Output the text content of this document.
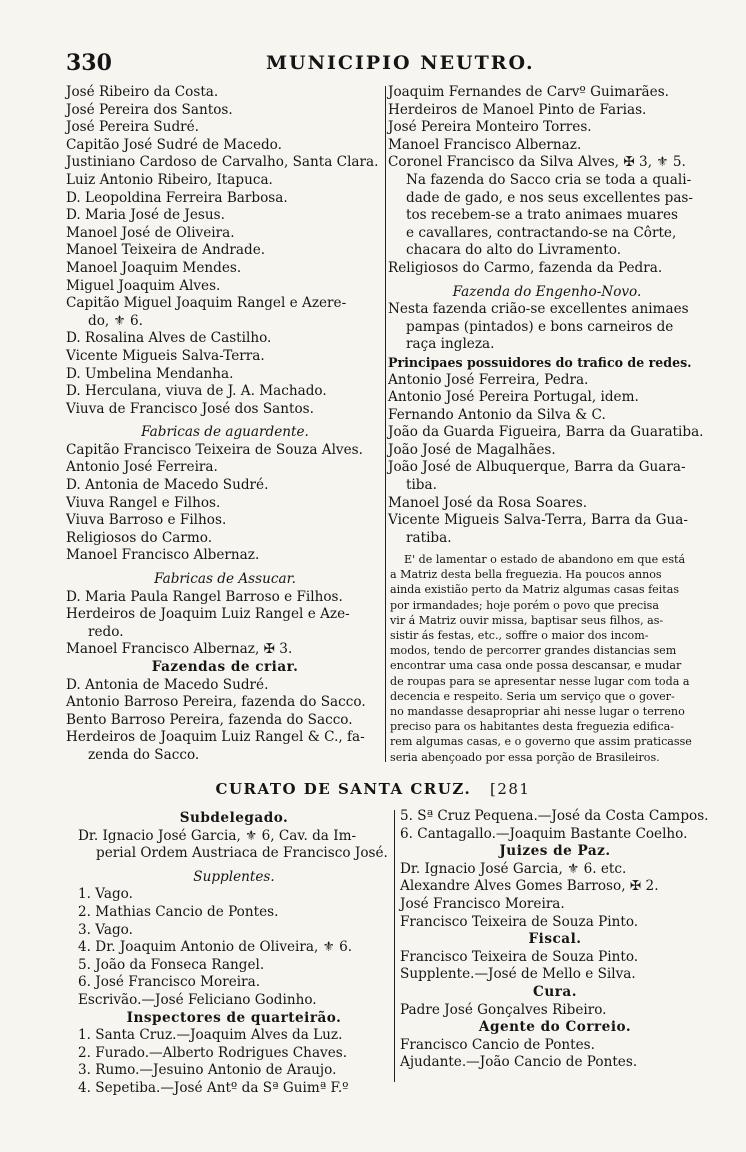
330	MUNICIPIO NEUTRO.
José Ribeiro da Costa.
José Pereira dos Santos.
José Pereira Sudré.
Capitão José Sudré de Macedo.
Justiniano Cardoso de Carvalho, Santa Clara.
Luiz Antonio Ribeiro, Itapuca.
D. Leopoldina Ferreira Barbosa.
D. Maria José de Jesus.
Manoel José de Oliveira.
Manoel Teixeira de Andrade.
Manoel Joaquim Mendes.
Miguel Joaquim Alves.
Capitão Miguel Joaquim Rangel e Azere-
do, ⚜ 6.
D. Rosalina Alves de Castilho.
Vicente Migueis Salva-Terra.
D. Umbelina Mendanha.
D. Herculana, viuva de J. A. Machado.
Viuva de Francisco José dos Santos.
Fabricas de aguardente.
Capitão Francisco Teixeira de Souza Alves.
Antonio José Ferreira.
D. Antonia de Macedo Sudré.
Viuva Rangel e Filhos.
Viuva Barroso e Filhos.
Religiosos do Carmo.
Manoel Francisco Albernaz.
Fabricas de Assucar.
D. Maria Paula Rangel Barroso e Filhos.
Herdeiros de Joaquim Luiz Rangel e Aze-
redo.
Manoel Francisco Albernaz, ✠ 3.
Fazendas de criar.
D. Antonia de Macedo Sudré.
Antonio Barroso Pereira, fazenda do Sacco.
Bento Barroso Pereira, fazenda do Sacco.
Herdeiros de Joaquim Luiz Rangel & C., fa-
zenda do Sacco.
Joaquim Fernandes de Carvº Guimarães.
Herdeiros de Manoel Pinto de Farias.
José Pereira Monteiro Torres.
Manoel Francisco Albernaz.
Coronel Francisco da Silva Alves, ✠ 3, ⚜ 5.
Na fazenda do Sacco cria se toda a quali-
dade de gado, e nos seus excellentes pas-
tos recebem-se a trato animaes muares
e cavallares, contractando-se na Côrte,
chacara do alto do Livramento.
Religiosos do Carmo, fazenda da Pedra.
Fazenda do Engenho-Novo.
Nesta fazenda crião-se excellentes animaes
pampas (pintados) e bons carneiros de
raça ingleza.
Principaes possuidores do trafico de redes.
Antonio José Ferreira, Pedra.
Antonio José Pereira Portugal, idem.
Fernando Antonio da Silva & C.
João da Guarda Figueira, Barra da Guaratiba.
João José de Magalhães.
João José de Albuquerque, Barra da Guara-
tiba.
Manoel José da Rosa Soares.
Vicente Migueis Salva-Terra, Barra da Gua-
ratiba.
E' de lamentar o estado de abandono em que está
a Matriz desta bella freguezia. Ha poucos annos
ainda existião perto da Matriz algumas casas feitas
por irmandades; hoje porém o povo que precisa
vir á Matriz ouvir missa, baptisar seus filhos, as-
sistir ás festas, etc., soffre o maior dos incom-
modos, tendo de percorrer grandes distancias sem
encontrar uma casa onde possa descansar, e mudar
de roupas para se apresentar nesse lugar com toda a
decencia e respeito. Seria um serviço que o gover-
no mandasse desapropriar ahi nesse lugar o terreno
preciso para os habitantes desta freguezia edifica-
rem algumas casas, e o governo que assim praticasse
seria abençoado por essa porção de Brasileiros.
CURATO DE SANTA CRUZ. [281
Subdelegado.
Dr. Ignacio José Garcia, ⚜ 6, Cav. da Im-
perial Ordem Austriaca de Francisco José.
Supplentes.
1. Vago.
2. Mathias Cancio de Pontes.
3. Vago.
4. Dr. Joaquim Antonio de Oliveira, ⚜ 6.
5. João da Fonseca Rangel.
6. José Francisco Moreira.
Escrivão.—José Feliciano Godinho.
Inspectores de quarteirão.
1. Santa Cruz.—Joaquim Alves da Luz.
2. Furado.—Alberto Rodrigues Chaves.
3. Rumo.—Jesuino Antonio de Araujo.
4. Sepetiba.—José Antº da Sª Guimª F.º
5. Sª Cruz Pequena.—José da Costa Campos.
6. Cantagallo.—Joaquim Bastante Coelho.
Juizes de Paz.
Dr. Ignacio José Garcia, ⚜ 6. etc.
Alexandre Alves Gomes Barroso, ✠ 2.
José Francisco Moreira.
Francisco Teixeira de Souza Pinto.
Fiscal.
Francisco Teixeira de Souza Pinto.
Supplente.—José de Mello e Silva.
Cura.
Padre José Gonçalves Ribeiro.
Agente do Correio.
Francisco Cancio de Pontes.
Ajudante.—João Cancio de Pontes.
